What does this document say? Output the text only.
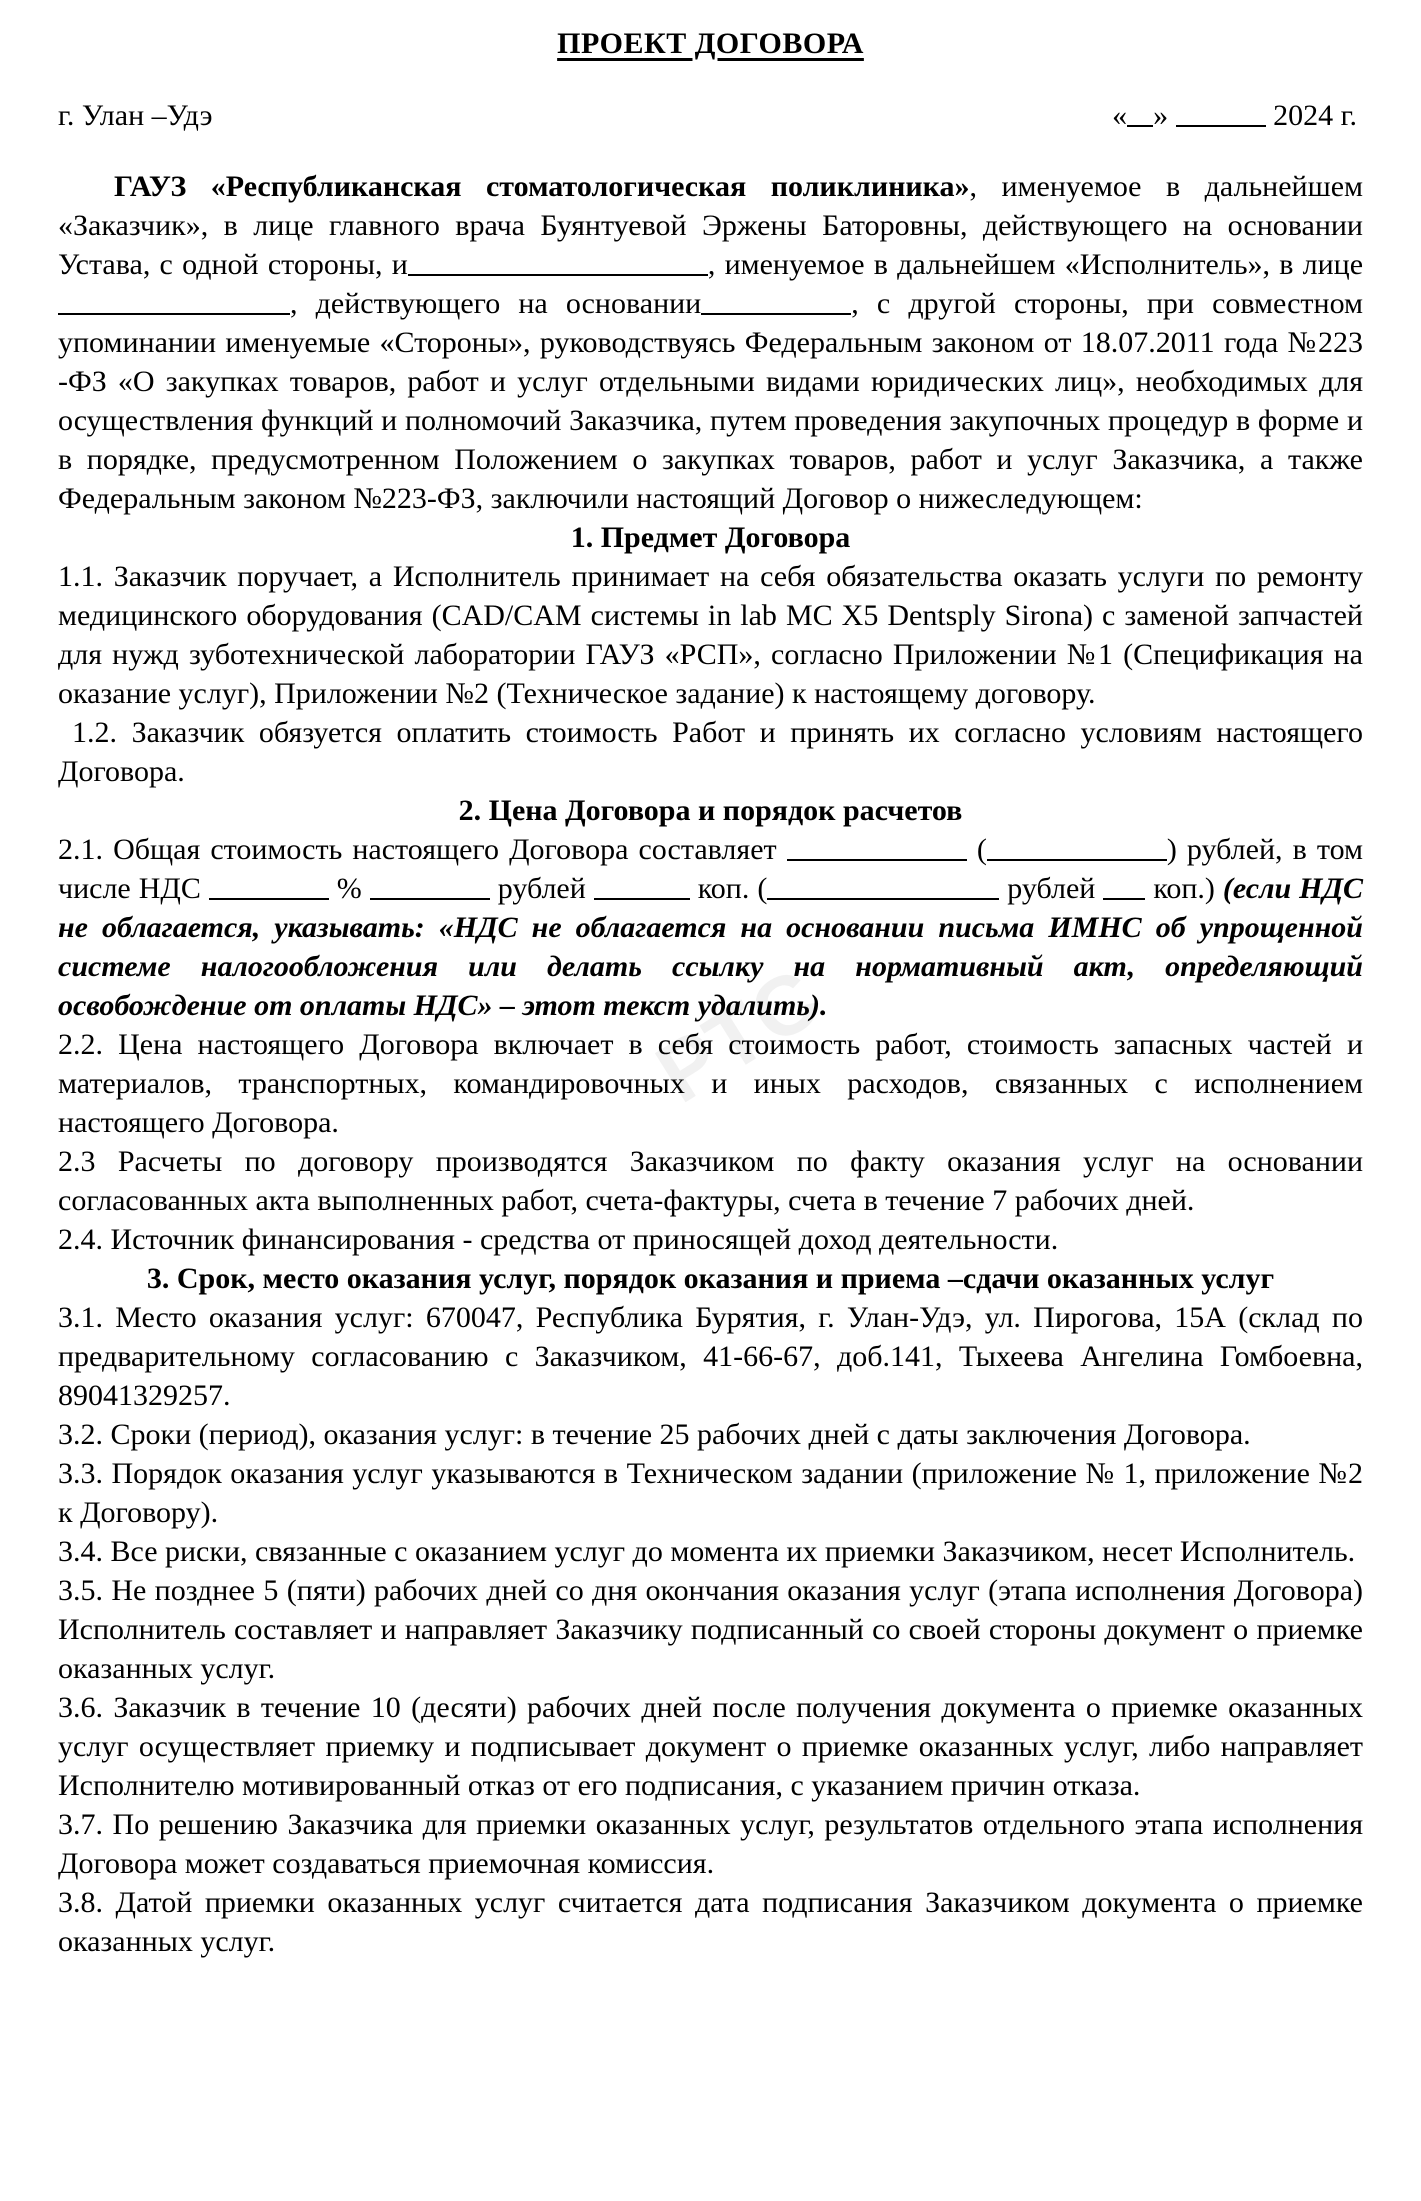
РТС
ПРОЕКТ ДОГОВОРА
г. Улан –Удэ	« »	2024 г.

ГАУЗ «Республиканская стоматологическая поликлиника», именуемое в дальнейшем «Заказчик», в лице главного врача Буянтуевой Эржены Баторовны, действующего на основании Устава, с одной стороны, и	, именуемое в дальнейшем «Исполнитель», в лице, действующего на основании	, с другой стороны, при совместном упоминании именуемые «Стороны», руководствуясь Федеральным законом от 18.07.2011 года №223 -ФЗ «О закупках товаров, работ и услуг отдельными видами юридических лиц», необходимых для осуществления функций и полномочий Заказчика, путем проведения закупочных процедур в форме и в порядке, предусмотренном Положением о закупках товаров, работ и услуг Заказчика, а также Федеральным законом №223-ФЗ, заключили настоящий Договор о нижеследующем:

1. Предмет Договора

1.1. Заказчик поручает, а Исполнитель принимает на себя обязательства оказать услуги по ремонту медицинского оборудования (CAD/CAM системы in lab MC X5 Dentsply Sirona) с заменой запчастей для нужд зуботехнической лаборатории ГАУЗ «РСП», согласно Приложении №1 (Спецификация на оказание услуг), Приложении №2 (Техническое задание) к настоящему договору.

1.2. Заказчик обязуется оплатить стоимость Работ и принять их согласно условиям настоящего Договора.

2. Цена Договора и порядок расчетов

2.1. Общая стоимость настоящего Договора составляет	(	) рублей, в том числе НДС	%	рублей	коп. (	рублей коп.) (если НДС не облагается, указывать: «НДС не облагается на основании письма ИМНС об упрощенной системе налогообложения или делать ссылку на нормативный акт, определяющий освобождение от оплаты НДС» – этот текст удалить).

2.2. Цена настоящего Договора включает в себя стоимость работ, стоимость запасных частей и материалов, транспортных, командировочных и иных расходов, связанных с исполнением настоящего Договора.

2.3 Расчеты по договору производятся Заказчиком по факту оказания услуг на основании согласованных акта выполненных работ, счета-фактуры, счета в течение 7 рабочих дней.

2.4. Источник финансирования - средства от приносящей доход деятельности.

3. Срок, место оказания услуг, порядок оказания и приема –сдачи оказанных услуг

3.1. Место оказания услуг: 670047, Республика Бурятия, г. Улан-Удэ, ул. Пирогова, 15А (склад по предварительному согласованию с Заказчиком, 41-66-67, доб.141, Тыхеева Ангелина Гомбоевна, 89041329257.

3.2. Сроки (период), оказания услуг: в течение 25 рабочих дней с даты заключения Договора.

3.3. Порядок оказания услуг указываются в Техническом задании (приложение № 1, приложение №2 к Договору).

3.4. Все риски, связанные с оказанием услуг до момента их приемки Заказчиком, несет Исполнитель.

3.5. Не позднее 5 (пяти) рабочих дней со дня окончания оказания услуг (этапа исполнения Договора) Исполнитель составляет и направляет Заказчику подписанный со своей стороны документ о приемке оказанных услуг.

3.6. Заказчик в течение 10 (десяти) рабочих дней после получения документа о приемке оказанных услуг осуществляет приемку и подписывает документ о приемке оказанных услуг, либо направляет Исполнителю мотивированный отказ от его подписания, с указанием причин отказа.

3.7. По решению Заказчика для приемки оказанных услуг, результатов отдельного этапа исполнения Договора может создаваться приемочная комиссия.

3.8. Датой приемки оказанных услуг считается дата подписания Заказчиком документа о приемке оказанных услуг.
